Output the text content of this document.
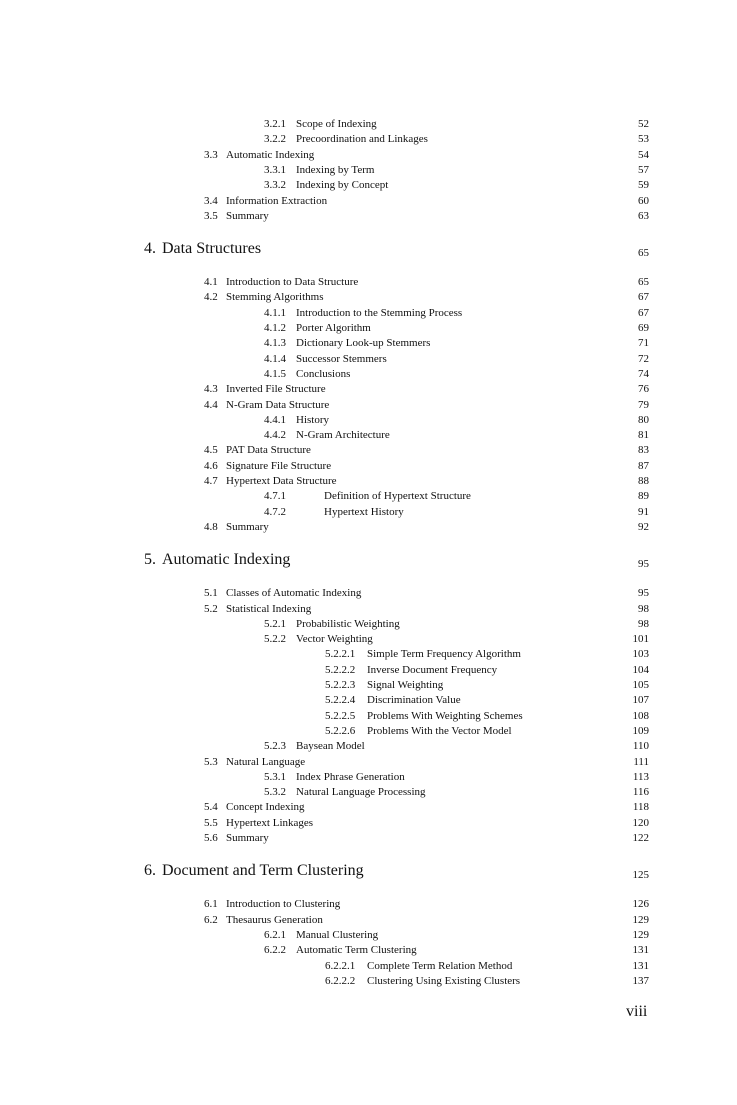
3.2.1 Scope of Indexing	52
3.2.2 Precoordination and Linkages	53
3.3 Automatic Indexing	54
3.3.1 Indexing by Term	57
3.3.2 Indexing by Concept	59
3.4 Information Extraction	60
3.5 Summary	63
4. Data Structures	65
4.1 Introduction to Data Structure	65
4.2 Stemming Algorithms	67
4.1.1 Introduction to the Stemming Process	67
4.1.2 Porter Algorithm	69
4.1.3 Dictionary Look-up Stemmers	71
4.1.4 Successor Stemmers	72
4.1.5 Conclusions	74
4.3 Inverted File Structure	76
4.4 N-Gram Data Structure	79
4.4.1 History	80
4.4.2 N-Gram Architecture	81
4.5 PAT Data Structure	83
4.6 Signature File Structure	87
4.7 Hypertext Data Structure	88
4.7.1	Definition of Hypertext Structure	89
4.7.2	Hypertext History	91
4.8 Summary	92
5. Automatic Indexing	95
5.1 Classes of Automatic Indexing	95
5.2 Statistical Indexing	98
5.2.1 Probabilistic Weighting	98
5.2.2 Vector Weighting	101
5.2.2.1 Simple Term Frequency Algorithm	103
5.2.2.2 Inverse Document Frequency	104
5.2.2.3 Signal Weighting	105
5.2.2.4 Discrimination Value	107
5.2.2.5 Problems With Weighting Schemes	108
5.2.2.6 Problems With the Vector Model	109
5.2.3 Baysean Model	110
5.3 Natural Language	111
5.3.1 Index Phrase Generation	113
5.3.2 Natural Language Processing	116
5.4 Concept Indexing	118
5.5 Hypertext Linkages	120
5.6 Summary	122
6. Document and Term Clustering	125
6.1 Introduction to Clustering	126
6.2 Thesaurus Generation	129
6.2.1 Manual Clustering	129
6.2.2 Automatic Term Clustering	131
6.2.2.1 Complete Term Relation Method	131
6.2.2.2 Clustering Using Existing Clusters	137
viii
